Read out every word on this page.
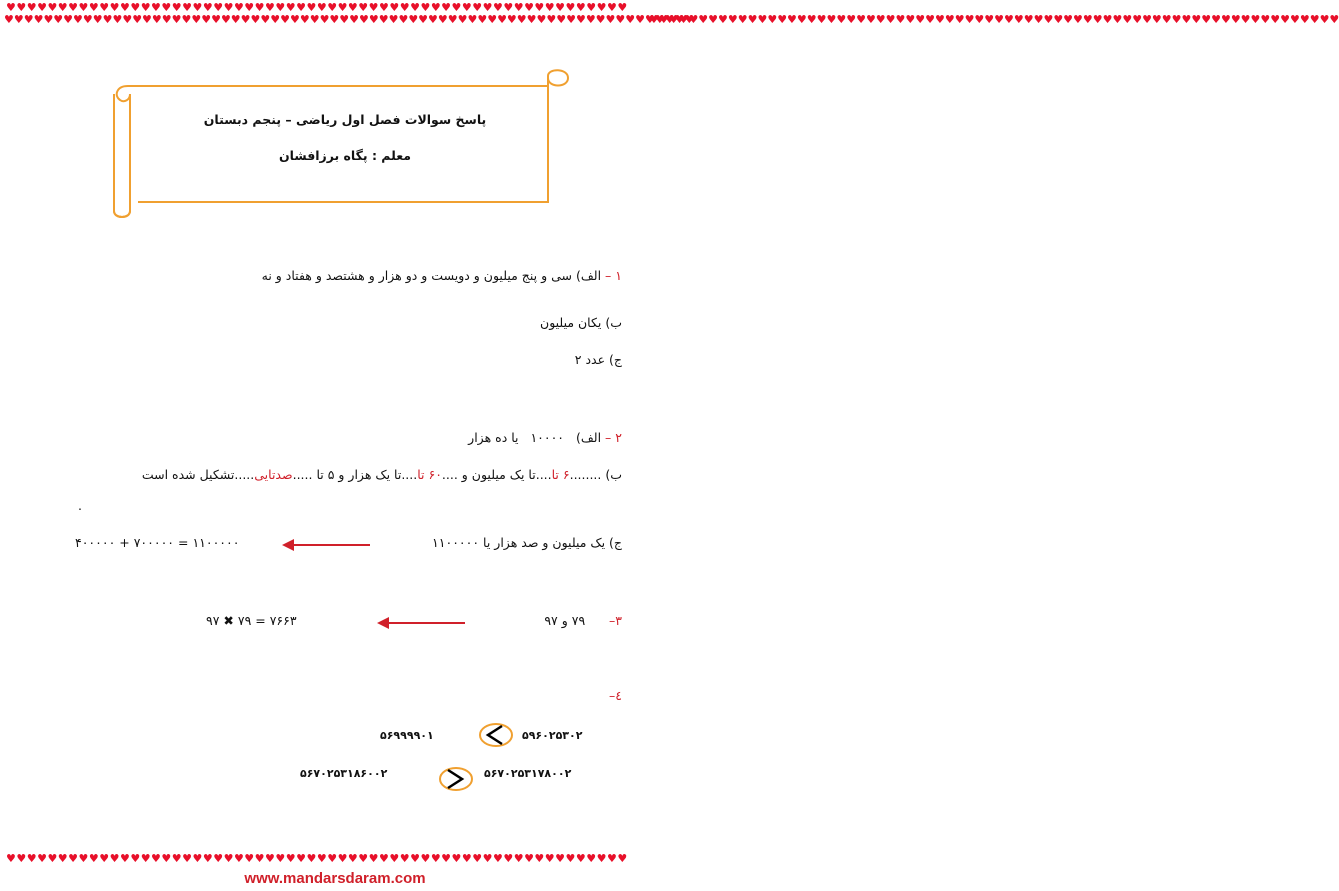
♥♥♥♥♥♥♥♥♥♥♥♥♥♥♥♥♥♥♥♥♥♥♥♥♥♥♥♥♥♥♥♥♥♥♥♥♥♥♥♥♥♥♥♥♥♥♥♥♥♥♥♥♥♥♥♥♥♥♥♥
♥♥♥♥♥♥♥♥♥♥♥♥♥♥♥♥♥♥♥♥♥♥♥♥♥♥♥♥♥♥♥♥♥♥♥♥♥♥♥♥♥♥♥♥♥♥♥♥♥♥♥♥♥♥♥♥♥♥♥♥
♥♥♥♥♥♥♥♥♥♥♥♥♥♥♥♥♥♥♥♥♥♥♥♥♥♥♥♥♥♥♥♥♥♥♥♥♥♥♥♥♥♥♥♥♥♥♥♥♥♥♥♥♥♥♥♥♥♥♥♥♥♥♥♥♥♥♥♥♥♥
♥♥♥♥♥♥♥♥♥♥♥♥♥♥♥♥♥♥♥♥♥♥♥♥♥♥♥♥♥♥♥♥♥♥♥♥♥♥♥♥♥♥♥♥♥♥♥♥♥♥♥♥♥♥♥♥♥♥♥♥♥♥♥♥♥♥♥♥♥♥
پاسخ سوالات فصل اول ریاضی – پنجم دبستان
معلم : پگاه برزافشان
۱ – الف) سی و پنج میلیون و دویست و دو هزار و هشتصد و هفتاد و نه
ب) یکان میلیون
ج) عدد ۲
۲ – الف)   ۱۰۰۰۰   یا ده هزار
ب) ........۶ تا....تا یک میلیون و ....۶۰ تا....تا یک هزار و ۵ تا .....صدتایی.....تشکیل شده است
.
ج) یک میلیون و صد هزار یا ۱۱۰۰۰۰۰
۱۱۰۰۰۰۰ = ۷۰۰۰۰۰ + ۴۰۰۰۰۰
۳–      ۷۹ و ۹۷
۷۶۶۳ = ۷۹ ✖ ۹۷
٤–
۵۶۹۹۹۹۰۱	۵۹۶۰۲۵۳۰۲
۵۶۷۰۲۵۳۱۸۶۰۰۲	۵۶۷۰۲۵۳۱۷۸۰۰۲
www.mandarsdaram.com
